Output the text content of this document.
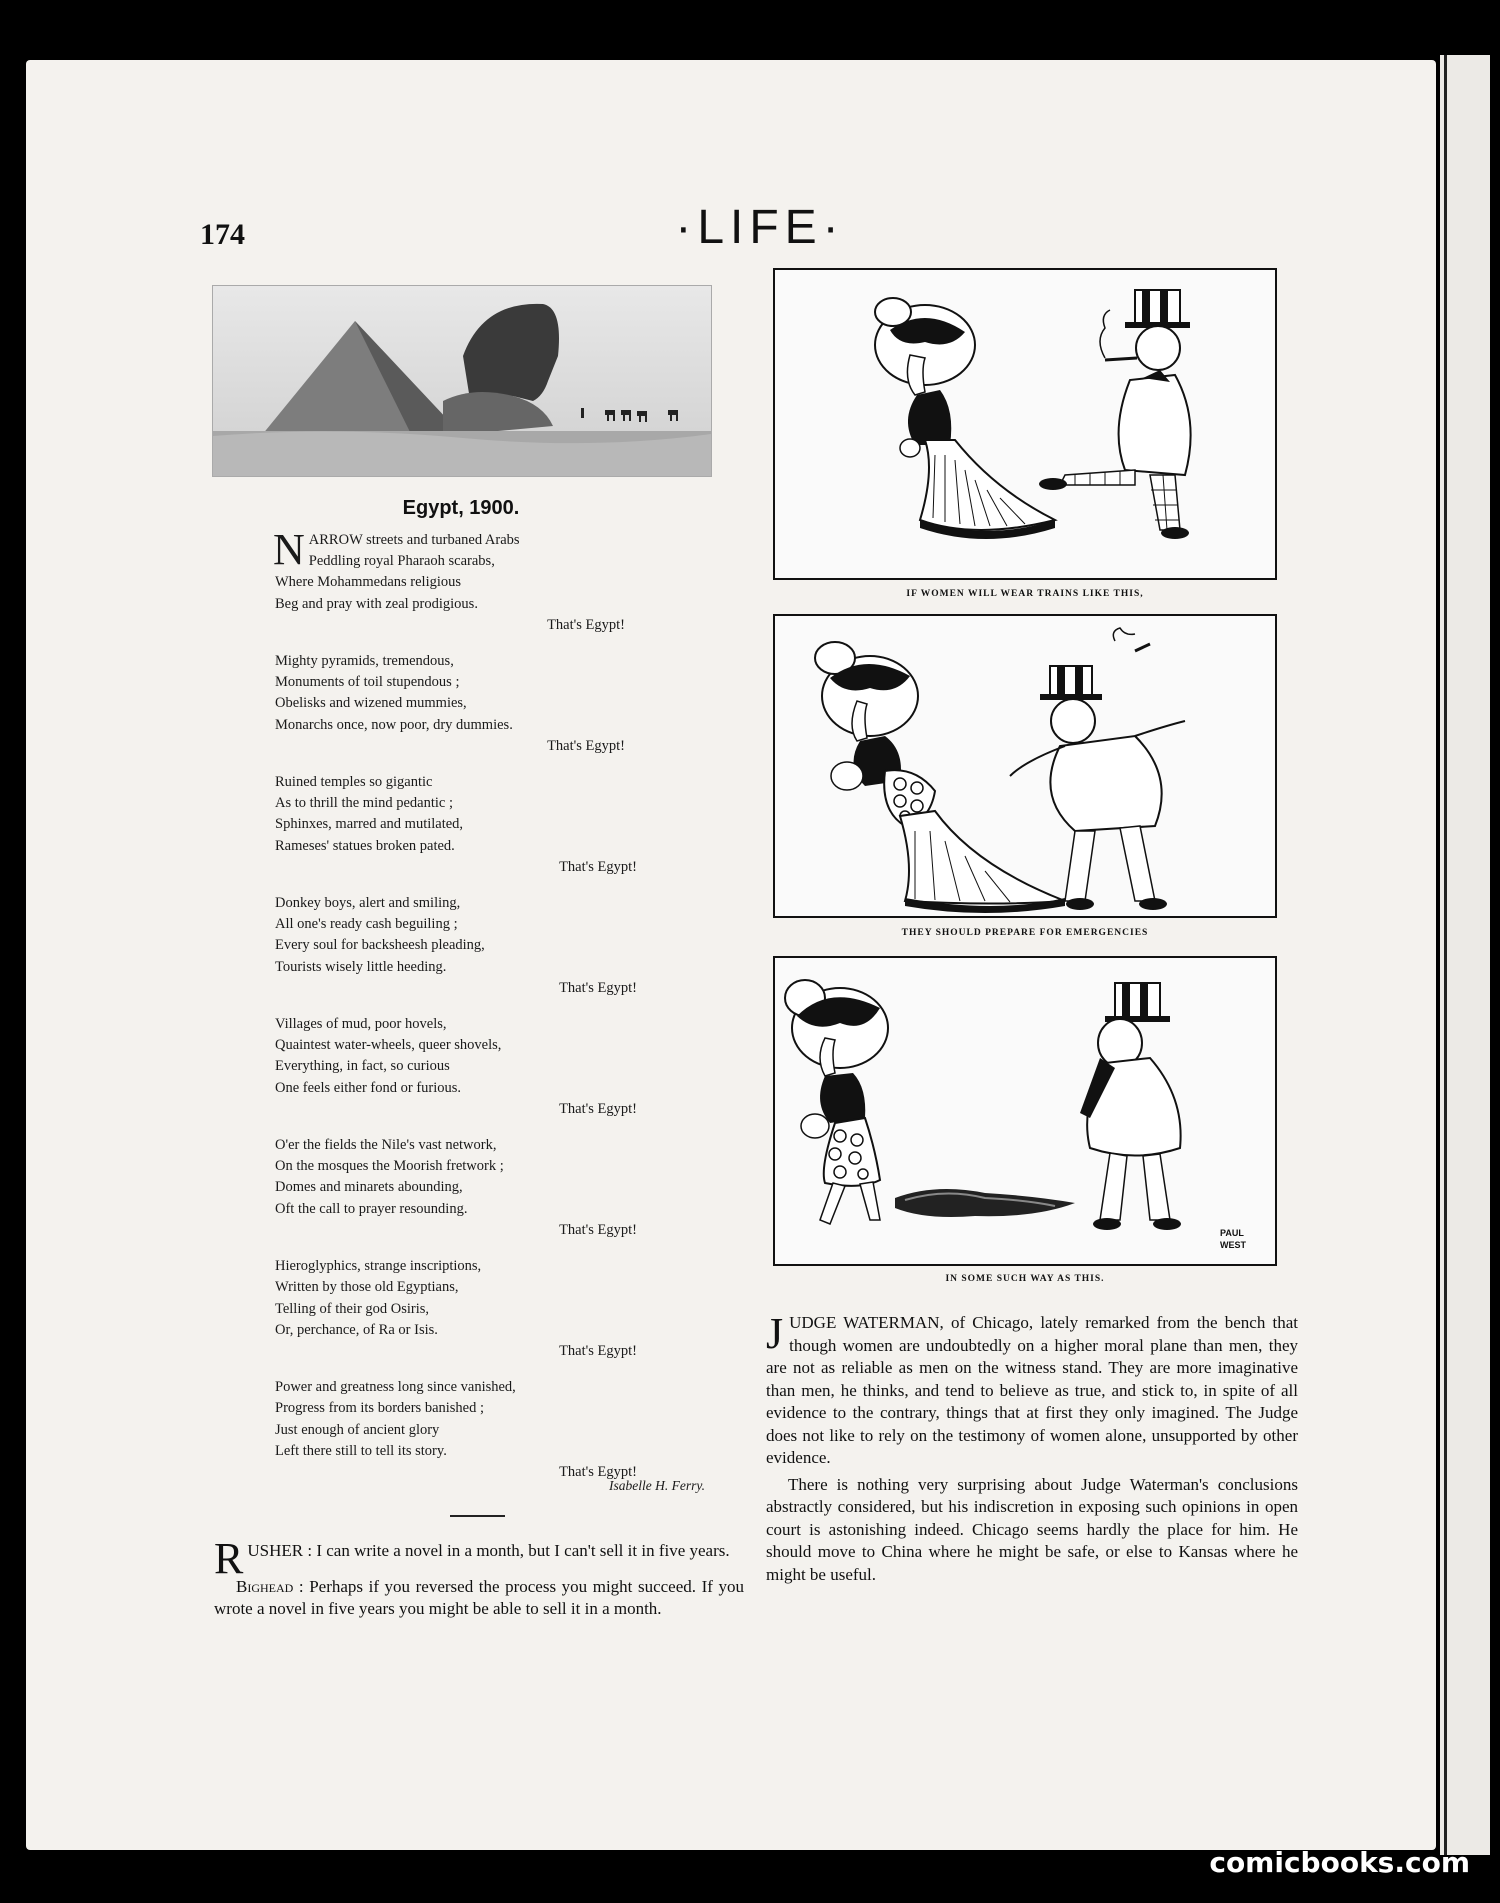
174	·LIFE·
Egypt, 1900.
N ARROW streets and turbaned Arabs
Peddling royal Pharaoh scarabs,
Where Mohammedans religious
Beg and pray with zeal prodigious.
That's Egypt!
Mighty pyramids, tremendous,
Monuments of toil stupendous ;
Obelisks and wizened mummies,
Monarchs once, now poor, dry dummies.
That's Egypt!
Ruined temples so gigantic
As to thrill the mind pedantic ;
Sphinxes, marred and mutilated,
Rameses' statues broken pated.
That's Egypt!
Donkey boys, alert and smiling,
All one's ready cash beguiling ;
Every soul for backsheesh pleading,
Tourists wisely little heeding.
That's Egypt!
Villages of mud, poor hovels,
Quaintest water-wheels, queer shovels,
Everything, in fact, so curious
One feels either fond or furious.
That's Egypt!
O'er the fields the Nile's vast network,
On the mosques the Moorish fretwork ;
Domes and minarets abounding,
Oft the call to prayer resounding.
That's Egypt!
Hieroglyphics, strange inscriptions,
Written by those old Egyptians,
Telling of their god Osiris,
Or, perchance, of Ra or Isis.
That's Egypt!
Power and greatness long since vanished,
Progress from its borders banished ;
Just enough of ancient glory
Left there still to tell its story.
That's Egypt!
Isabelle H. Ferry.

RUSHER : I can write a novel in a month, but I can't sell it in five years.

Bighead : Perhaps if you reversed the process you might succeed. If you wrote a novel in five years you might be able to sell it in a month.

IF WOMEN WILL WEAR TRAINS LIKE THIS,
THEY SHOULD PREPARE FOR EMERGENCIES
PAUL
WEST
IN SOME SUCH WAY AS THIS.

JUDGE WATERMAN, of Chicago, lately remarked from the bench that though women are undoubtedly on a higher moral plane than men, they are not as reliable as men on the witness stand. They are more imaginative than men, he thinks, and tend to believe as true, and stick to, in spite of all evidence to the contrary, things that at first they only imagined. The Judge does not like to rely on the testimony of women alone, unsupported by other evidence.

There is nothing very surprising about Judge Waterman's conclusions abstractly considered, but his indiscretion in exposing such opinions in open court is astonishing indeed. Chicago seems hardly the place for him. He should move to China where he might be safe, or else to Kansas where he might be useful.

comicbooks.com
